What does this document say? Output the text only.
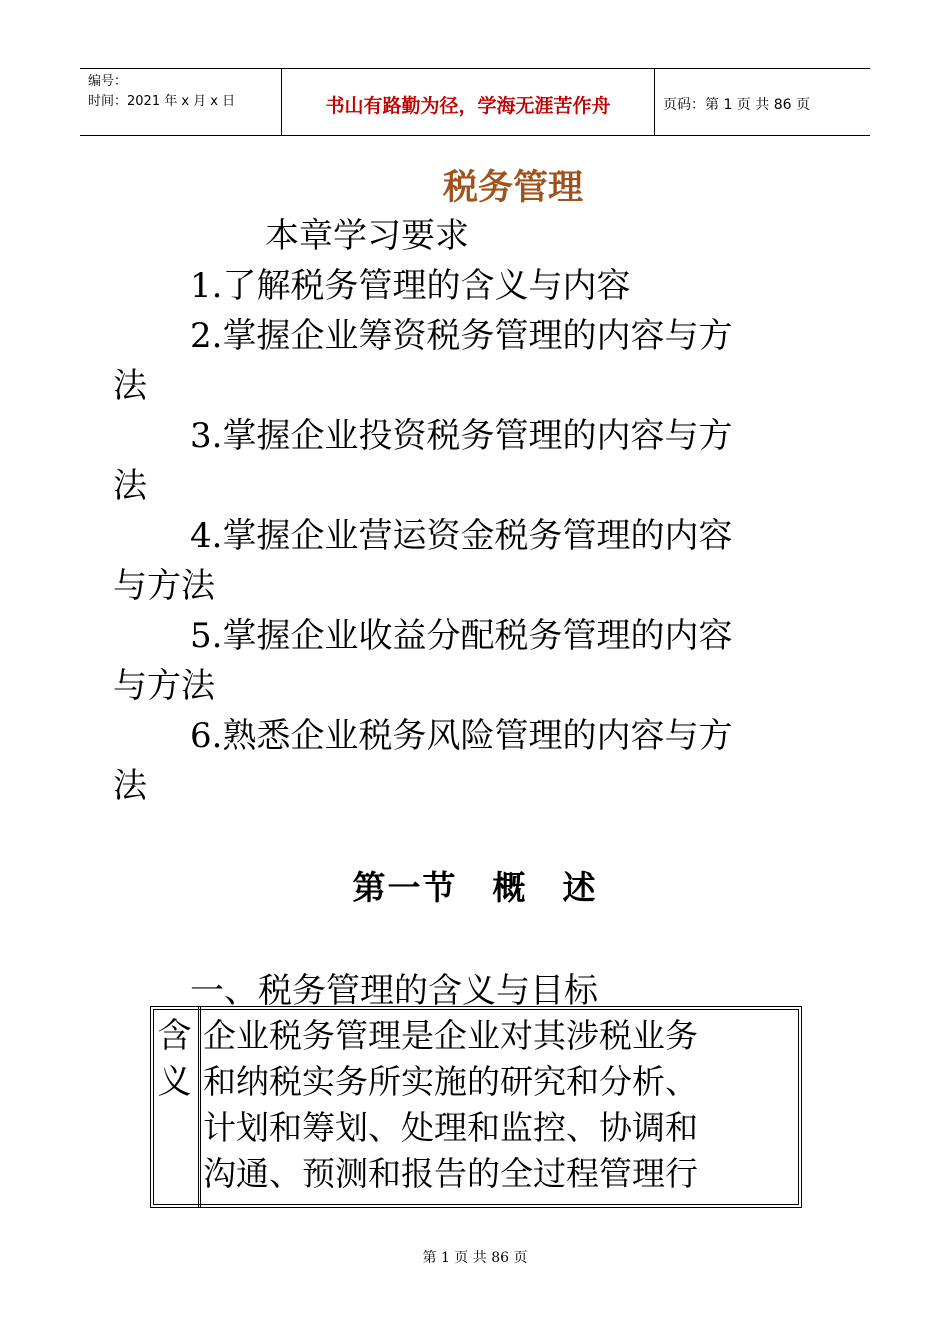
编号：
时间：2021 年 x 月 x 日	书山有路勤为径，学海无涯苦作舟	页码：第 1 页 共 86 页
税务管理
本章学习要求
1.了解税务管理的含义与内容
2.掌握企业筹资税务管理的内容与方
法
3.掌握企业投资税务管理的内容与方
法
4.掌握企业营运资金税务管理的内容
与方法
5.掌握企业收益分配税务管理的内容
与方法
6.熟悉企业税务风险管理的内容与方
法
第一节　概　述
一、税务管理的含义与目标
含
义
企业税务管理是企业对其涉税业务
和纳税实务所实施的研究和分析、
计划和筹划、处理和监控、协调和
沟通、预测和报告的全过程管理行
第 1 页 共 86 页
